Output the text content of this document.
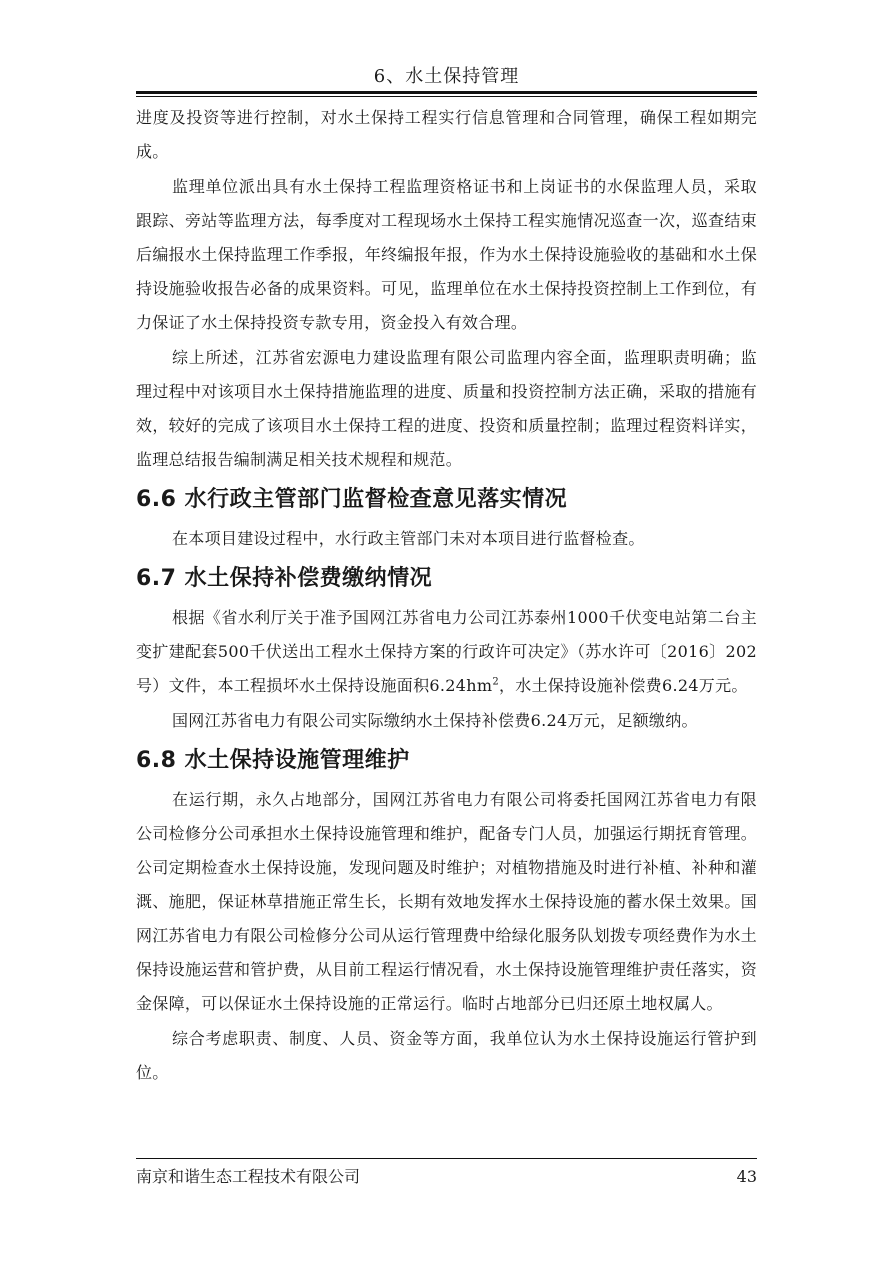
6、水土保持管理

进度及投资等进行控制，对水土保持工程实行信息管理和合同管理，确保工程如期完成。

监理单位派出具有水土保持工程监理资格证书和上岗证书的水保监理人员，采取跟踪、旁站等监理方法，每季度对工程现场水土保持工程实施情况巡查一次，巡查结束后编报水土保持监理工作季报，年终编报年报，作为水土保持设施验收的基础和水土保持设施验收报告必备的成果资料。可见，监理单位在水土保持投资控制上工作到位，有力保证了水土保持投资专款专用，资金投入有效合理。

综上所述，江苏省宏源电力建设监理有限公司监理内容全面，监理职责明确；监理过程中对该项目水土保持措施监理的进度、质量和投资控制方法正确，采取的措施有效，较好的完成了该项目水土保持工程的进度、投资和质量控制；监理过程资料详实，监理总结报告编制满足相关技术规程和规范。

6.6 水行政主管部门监督检查意见落实情况

在本项目建设过程中，水行政主管部门未对本项目进行监督检查。

6.7 水土保持补偿费缴纳情况

根据《省水利厅关于准予国网江苏省电力公司江苏泰州1000千伏变电站第二台主变扩建配套500千伏送出工程水土保持方案的行政许可决定》（苏水许可〔2016〕202号）文件，本工程损坏水土保持设施面积$6.24hm^2$，水土保持设施补偿费6.24万元。

国网江苏省电力有限公司实际缴纳水土保持补偿费6.24万元，足额缴纳。

6.8 水土保持设施管理维护

在运行期，永久占地部分，国网江苏省电力有限公司将委托国网江苏省电力有限公司检修分公司承担水土保持设施管理和维护，配备专门人员，加强运行期抚育管理。公司定期检查水土保持设施，发现问题及时维护；对植物措施及时进行补植、补种和灌溉、施肥，保证林草措施正常生长，长期有效地发挥水土保持设施的蓄水保土效果。国网江苏省电力有限公司检修分公司从运行管理费中给绿化服务队划拨专项经费作为水土保持设施运营和管护费，从目前工程运行情况看，水土保持设施管理维护责任落实，资金保障，可以保证水土保持设施的正常运行。临时占地部分已归还原土地权属人。

综合考虑职责、制度、人员、资金等方面，我单位认为水土保持设施运行管护到位。

南京和谐生态工程技术有限公司	43
